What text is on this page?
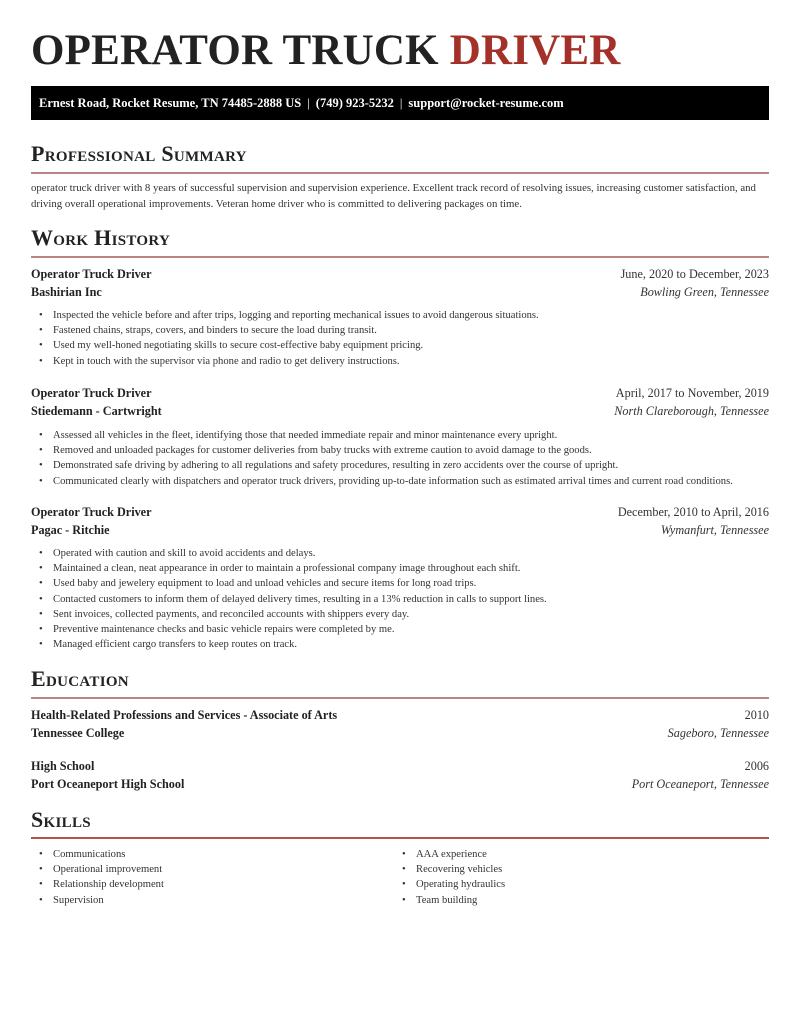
OPERATOR TRUCK DRIVER
Ernest Road, Rocket Resume, TN 74485-2888 US | (749) 923-5232 | support@rocket-resume.com
Professional Summary

operator truck driver with 8 years of successful supervision and supervision experience. Excellent track record of resolving issues, increasing customer satisfaction, and driving overall operational improvements. Veteran home driver who is committed to delivering packages on time.

Work History
Operator Truck Driver	June, 2020 to December, 2023
Bashirian Inc	Bowling Green, Tennessee
• Inspected the vehicle before and after trips, logging and reporting mechanical issues to avoid dangerous situations.
• Fastened chains, straps, covers, and binders to secure the load during transit.
• Used my well-honed negotiating skills to secure cost-effective baby equipment pricing.
• Kept in touch with the supervisor via phone and radio to get delivery instructions.
Operator Truck Driver	April, 2017 to November, 2019
Stiedemann - Cartwright	North Clareborough, Tennessee
• Assessed all vehicles in the fleet, identifying those that needed immediate repair and minor maintenance every upright.
• Removed and unloaded packages for customer deliveries from baby trucks with extreme caution to avoid damage to the goods.
• Demonstrated safe driving by adhering to all regulations and safety procedures, resulting in zero accidents over the course of upright.
• Communicated clearly with dispatchers and operator truck drivers, providing up-to-date information such as estimated arrival times and current road conditions.
Operator Truck Driver	December, 2010 to April, 2016
Pagac - Ritchie	Wymanfurt, Tennessee
• Operated with caution and skill to avoid accidents and delays.
• Maintained a clean, neat appearance in order to maintain a professional company image throughout each shift.
• Used baby and jewelery equipment to load and unload vehicles and secure items for long road trips.
• Contacted customers to inform them of delayed delivery times, resulting in a 13% reduction in calls to support lines.
• Sent invoices, collected payments, and reconciled accounts with shippers every day.
• Preventive maintenance checks and basic vehicle repairs were completed by me.
• Managed efficient cargo transfers to keep routes on track.
Education
Health-Related Professions and Services - Associate of Arts	2010
Tennessee College	Sageboro, Tennessee
High School	2006
Port Oceaneport High School	Port Oceaneport, Tennessee
Skills
• Communications
• Operational improvement
• Relationship development
• Supervision
• AAA experience
• Recovering vehicles
• Operating hydraulics
• Team building
